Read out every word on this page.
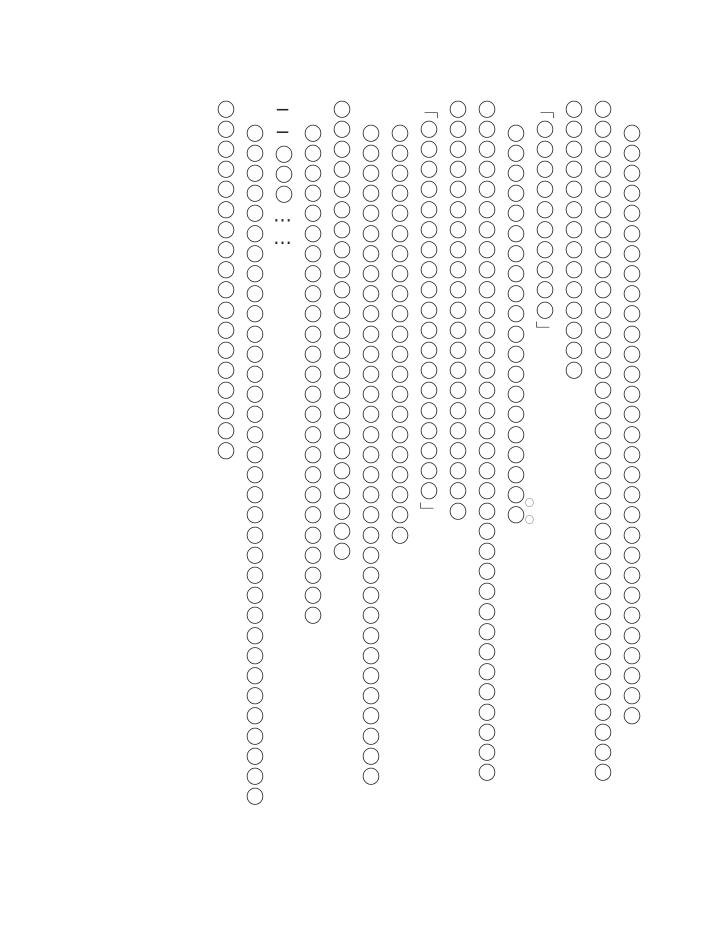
〇〇〇〇〇〇〇〇〇〇〇〇〇〇〇〇〇〇〇〇〇〇〇〇〇〇〇〇〇〇
〇〇〇〇〇〇〇〇〇〇〇〇〇〇〇〇〇〇〇〇〇〇〇〇〇〇〇〇〇〇〇〇〇〇
〇〇〇〇〇〇〇〇〇〇〇〇〇〇
「〇〇〇〇〇〇〇〇〇〇」
〇〇〇〇〇〇〇〇〇〇〇〇〇〇〇〇〇〇〇〇
〇〇〇〇〇〇〇〇〇〇〇〇〇〇〇〇〇〇〇〇〇〇〇〇〇〇〇〇〇〇〇〇〇〇
〇〇〇〇〇〇〇〇〇〇〇〇〇〇〇〇〇〇〇〇〇
「〇〇〇〇〇〇〇〇〇〇〇〇〇〇〇〇〇〇〇」
〇〇〇〇〇〇〇〇〇〇〇〇〇〇〇〇〇〇〇〇〇
〇〇〇〇〇〇〇〇〇〇〇〇〇〇〇〇〇〇〇〇〇〇〇〇〇〇〇〇〇〇〇〇〇
〇〇〇〇〇〇〇〇〇〇〇〇〇〇〇〇〇〇〇〇〇〇〇
〇〇〇〇〇〇〇〇〇〇〇〇〇〇〇〇〇〇〇〇〇〇〇〇〇
──〇〇〇……
〇〇〇〇〇〇〇〇〇〇〇〇〇〇〇〇〇〇〇〇〇〇〇〇〇〇〇〇〇〇〇〇〇〇
〇〇〇〇〇〇〇〇〇〇〇〇〇〇〇〇〇〇
〇〇
